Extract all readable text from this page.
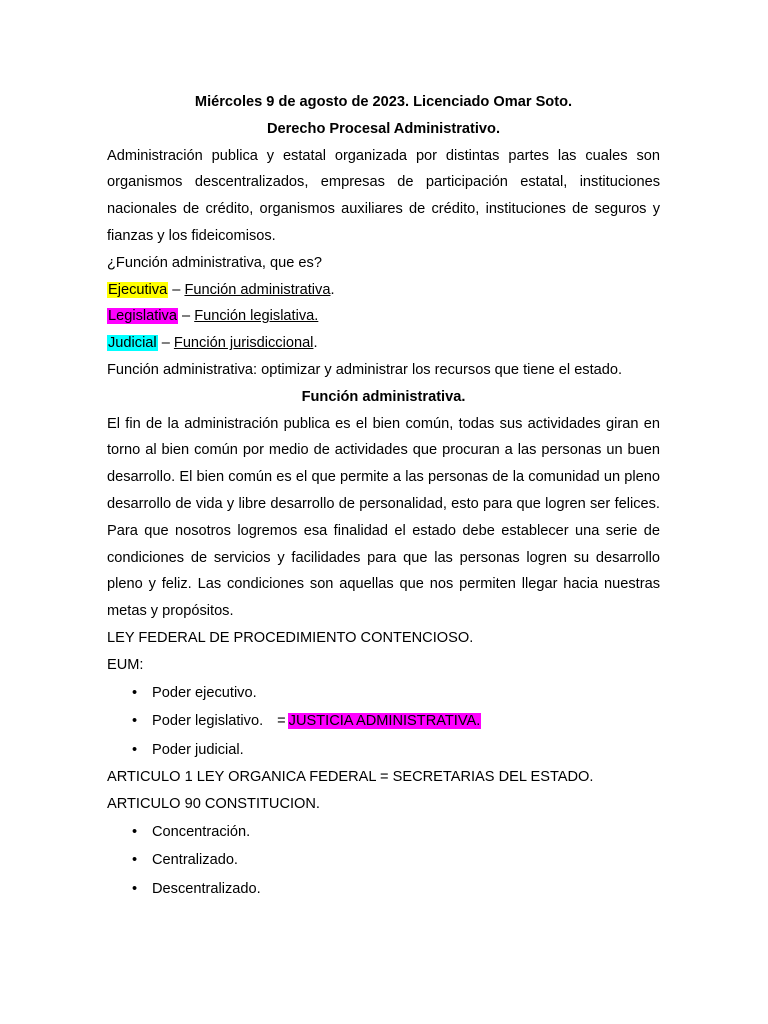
Miércoles 9 de agosto de 2023. Licenciado Omar Soto.
Derecho Procesal Administrativo.
Administración publica y estatal organizada por distintas partes las cuales son organismos descentralizados, empresas de participación estatal, instituciones nacionales de crédito, organismos auxiliares de crédito, instituciones de seguros y fianzas y los fideicomisos.
¿Función administrativa, que es?
Ejecutiva – Función administrativa.
Legislativa – Función legislativa.
Judicial – Función jurisdiccional.
Función administrativa: optimizar y administrar los recursos que tiene el estado.
Función administrativa.
El fin de la administración publica es el bien común, todas sus actividades giran en torno al bien común por medio de actividades que procuran a las personas un buen desarrollo. El bien común es el que permite a las personas de la comunidad un pleno desarrollo de vida y libre desarrollo de personalidad, esto para que logren ser felices. Para que nosotros logremos esa finalidad el estado debe establecer una serie de condiciones de servicios y facilidades para que las personas logren su desarrollo pleno y feliz. Las condiciones son aquellas que nos permiten llegar hacia nuestras metas y propósitos.
LEY FEDERAL DE PROCEDIMIENTO CONTENCIOSO.
EUM:
• Poder ejecutivo.
• Poder legislativo. = JUSTICIA ADMINISTRATIVA.
• Poder judicial.
ARTICULO 1 LEY ORGANICA FEDERAL = SECRETARIAS DEL ESTADO.
ARTICULO 90 CONSTITUCION.
• Concentración.
• Centralizado.
• Descentralizado.
